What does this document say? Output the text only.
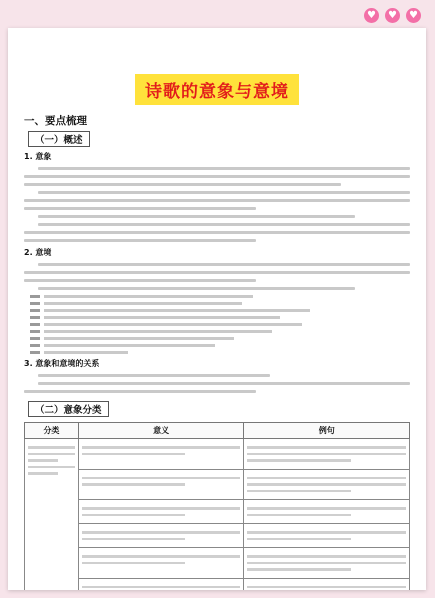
♥	♥	♥
诗歌的意象与意境
一、要点梳理
（一）概述
1. 意象
2. 意境
3. 意象和意境的关系
（二）意象分类
分类	意义	例句
